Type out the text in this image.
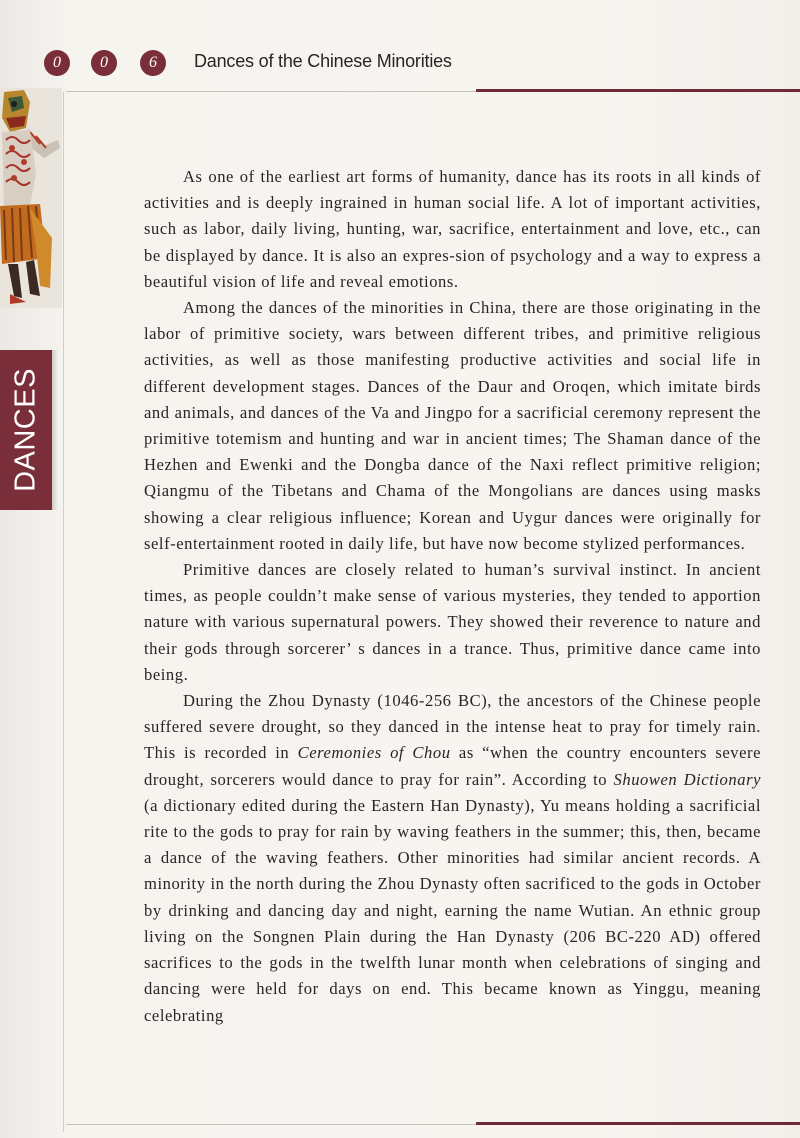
0	0	6	Dances of the Chinese Minorities
DANCES

As one of the earliest art forms of humanity, dance has its roots in all kinds of activities and is deeply ingrained in human social life. A lot of important activities, such as labor, daily living, hunting, war, sacrifice, entertainment and love, etc., can be displayed by dance. It is also an expres-sion of psychology and a way to express a beautiful vision of life and reveal emotions.

Among the dances of the minorities in China, there are those originating in the labor of primitive society, wars between different tribes, and primitive religious activities, as well as those manifesting productive activities and social life in different development stages. Dances of the Daur and Oroqen, which imitate birds and animals, and dances of the Va and Jingpo for a sacrificial ceremony represent the primitive totemism and hunting and war in ancient times; The Shaman dance of the Hezhen and Ewenki and the Dongba dance of the Naxi reflect primitive religion; Qiangmu of the Tibetans and Chama of the Mongolians are dances using masks showing a clear religious influence; Korean and Uygur dances were originally for self-entertainment rooted in daily life, but have now become stylized performances.

Primitive dances are closely related to human’s survival instinct. In ancient times, as people couldn’t make sense of various mysteries, they tended to apportion nature with various supernatural powers. They showed their reverence to nature and their gods through sorcerer’ s dances in a trance. Thus, primitive dance came into being.

During the Zhou Dynasty (1046-256 BC), the ancestors of the Chinese people suffered severe drought, so they danced in the intense heat to pray for timely rain. This is recorded in Ceremonies of Chou as “when the country encounters severe drought, sorcerers would dance to pray for rain”. According to Shuowen Dictionary (a dictionary edited during the Eastern Han Dynasty), Yu means holding a sacrificial rite to the gods to pray for rain by waving feathers in the summer; this, then, became a dance of the waving feathers. Other minorities had similar ancient records. A minority in the north during the Zhou Dynasty often sacrificed to the gods in October by drinking and dancing day and night, earning the name Wutian. An ethnic group living on the Songnen Plain during the Han Dynasty (206 BC-220 AD) offered sacrifices to the gods in the twelfth lunar month when celebrations of singing and dancing were held for days on end. This became known as Yinggu, meaning celebrating
